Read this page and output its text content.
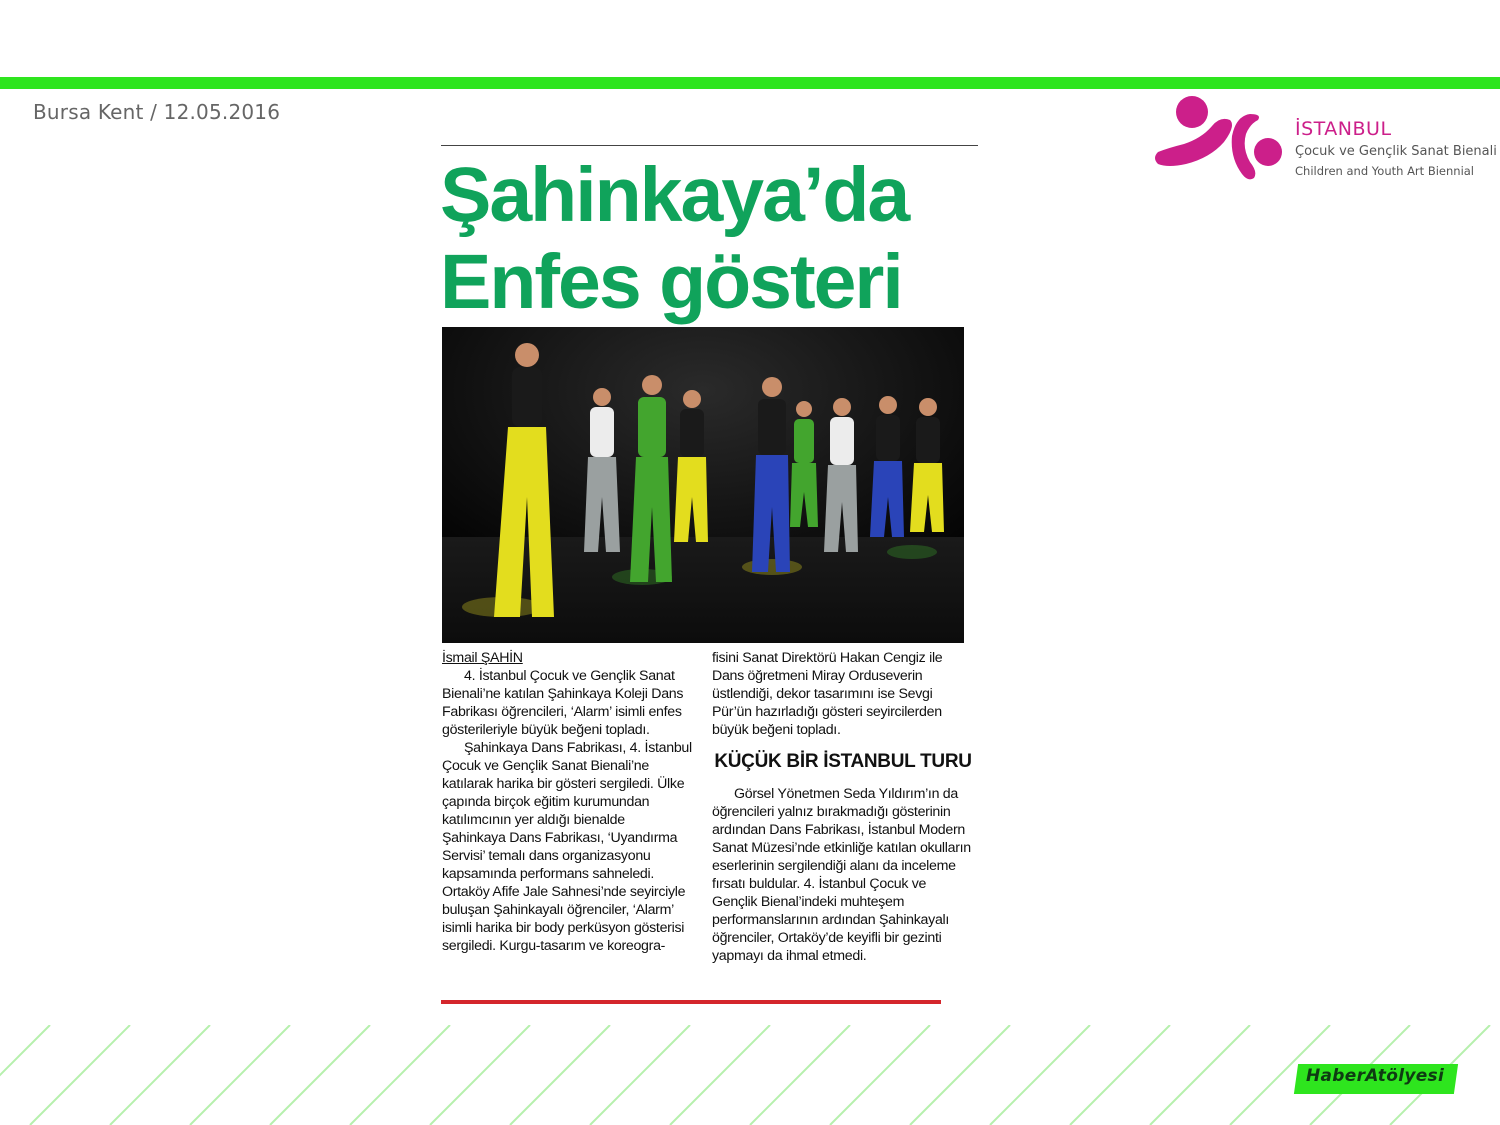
Bursa Kent / 12.05.2016
İSTANBUL
Çocuk ve Gençlik Sanat Bienali
Children and Youth Art Biennial
Şahinkaya’da
Enfes gösteri

İsmail ŞAHİN

4. İstanbul Çocuk ve Gençlik Sanat Bienali’ne katılan Şahinkaya Koleji Dans Fabrikası öğrencileri, ‘Alarm’ isimli enfes gösterileriyle büyük beğeni topladı.

Şahinkaya Dans Fabrikası, 4. İstanbul Çocuk ve Gençlik Sanat Bienali’ne katılarak harika bir gösteri sergiledi. Ülke çapında birçok eğitim kurumundan katılımcının yer aldığı bienalde Şahinkaya Dans Fabrikası, ‘Uyandırma Servisi’ temalı dans organizasyonu kapsamında performans sahneledi. Ortaköy Afife Jale Sahnesi’nde seyirciyle buluşan Şahinkayalı öğrenciler, ‘Alarm’ isimli harika bir body perküsyon gösterisi sergiledi. Kurgu-tasarım ve koreogra-

fisini Sanat Direktörü Hakan Cengiz ile Dans öğretmeni Miray Orduseverin üstlendiği, dekor tasarımını ise Sevgi Pür’ün hazırladığı gösteri seyircilerden büyük beğeni topladı.

KÜÇÜK BİR İSTANBUL TURU

Görsel Yönetmen Seda Yıldırım’ın da öğrencileri yalnız bırakmadığı gösterinin ardından Dans Fabrikası, İstanbul Modern Sanat Müzesi’nde etkinliğe katılan okulların eserlerinin sergilendiği alanı da inceleme fırsatı buldular. 4. İstanbul Çocuk ve Gençlik Bienal’indeki muhteşem performanslarının ardından Şahinkayalı öğrenciler, Ortaköy’de keyifli bir gezinti yapmayı da ihmal etmedi.

HaberAtölyesi
